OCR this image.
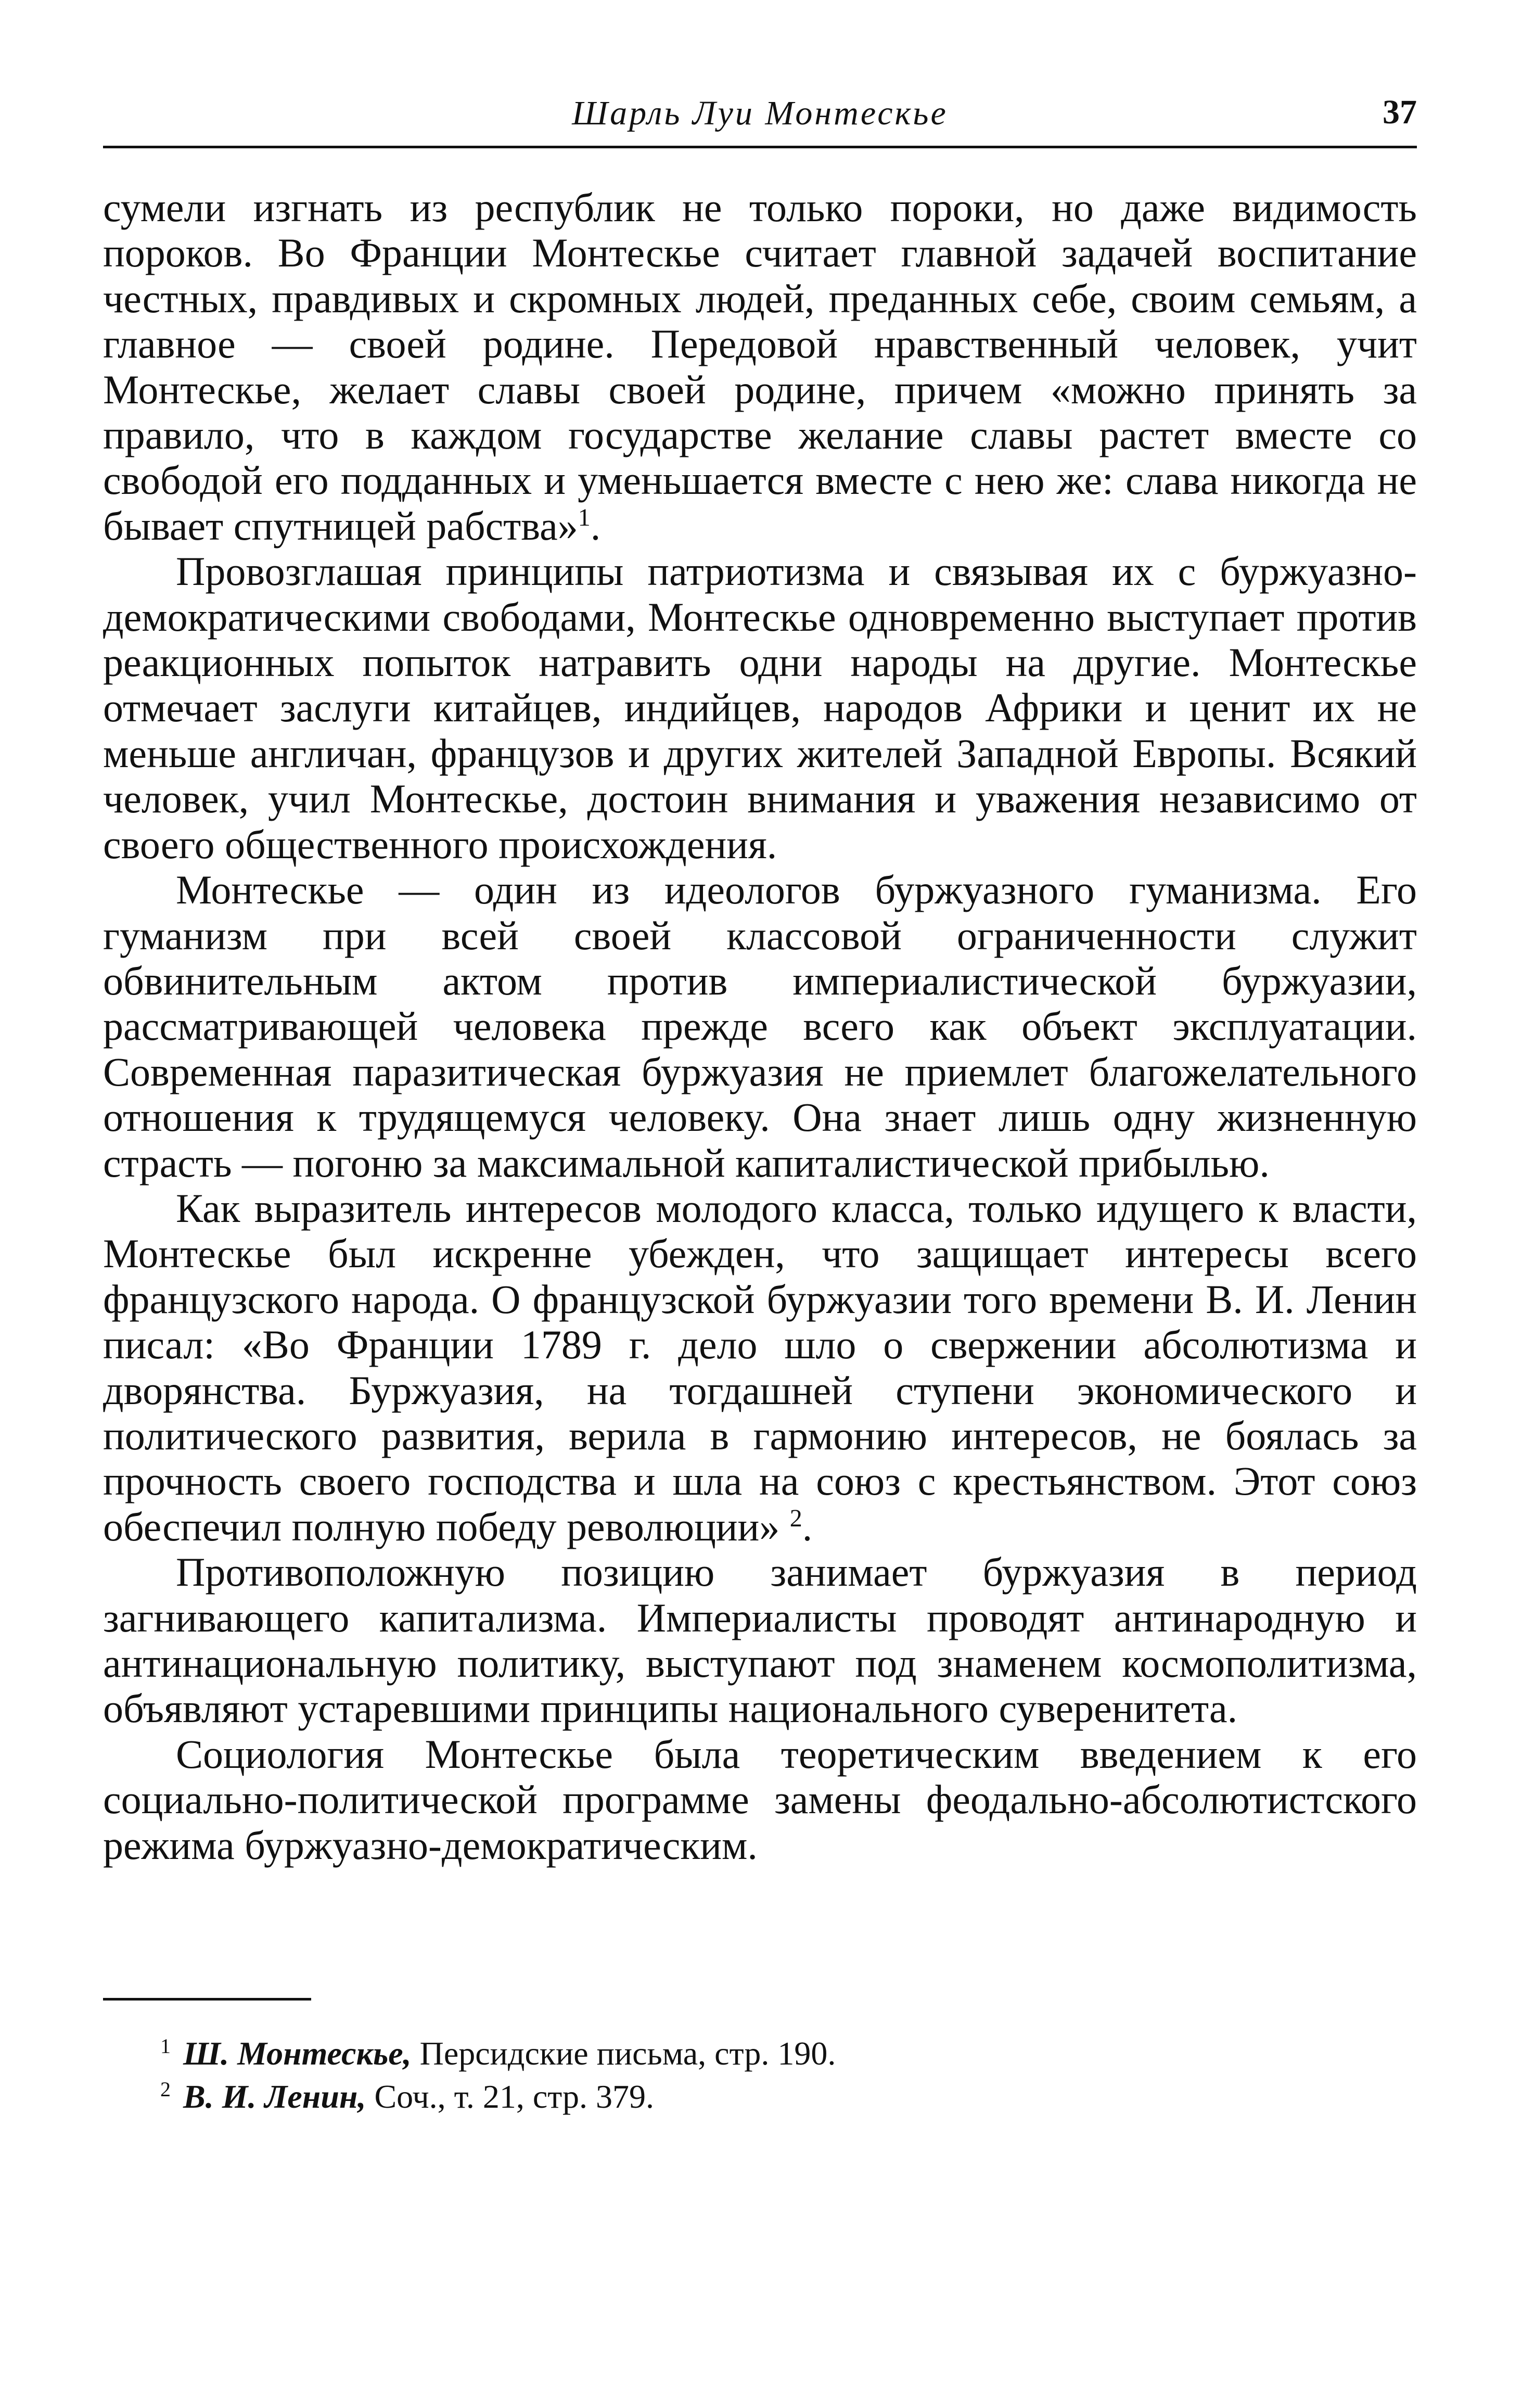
Шарль Луи Монтескье	37

сумели изгнать из республик не только пороки, но даже видимость пороков. Во Франции Монтескье считает главной задачей воспитание честных, правдивых и скромных людей, преданных себе, своим семьям, а главное — своей родине. Передовой нравственный человек, учит Монтескье, желает славы своей родине, причем «можно принять за правило, что в каждом государстве желание славы растет вместе со свободой его подданных и уменьшается вместе с нею же: слава никогда не бывает спутницей рабства»$^1$.

Провозглашая принципы патриотизма и связывая их с буржуазно-демократическими свободами, Монтескье одновременно выступает против реакционных попыток натравить одни народы на другие. Монтескье отмечает заслуги китайцев, индийцев, народов Африки и ценит их не меньше англичан, французов и других жителей Западной Европы. Всякий человек, учил Монтескье, достоин внимания и уважения независимо от своего общественного происхождения.

Монтескье — один из идеологов буржуазного гуманизма. Его гуманизм при всей своей классовой ограниченности служит обвинительным актом против империалистической буржуазии, рассматривающей человека прежде всего как объект эксплуатации. Современная паразитическая буржуазия не приемлет благожелательного отношения к трудящемуся человеку. Она знает лишь одну жизненную страсть — погоню за максимальной капиталистической прибылью.

Как выразитель интересов молодого класса, только идущего к власти, Монтескье был искренне убежден, что защищает интересы всего французского народа. О французской буржуазии того времени В. И. Ленин писал: «Во Франции 1789 г. дело шло о свержении абсолютизма и дворянства. Буржуазия, на тогдашней ступени экономического и политического развития, верила в гармонию интересов, не боялась за прочность своего господства и шла на союз с крестьянством. Этот союз обеспечил полную победу революции» $^2$.

Противоположную позицию занимает буржуазия в период загнивающего капитализма. Империалисты проводят антинародную и антинациональную политику, выступают под знаменем космополитизма, объявляют устаревшими принципы национального суверенитета.

Социология Монтескье была теоретическим введением к его социально-политической программе замены феодально-абсолютистского режима буржуазно-демократическим.

$^1$ Ш. Монтескье, Персидские письма, стр. 190.
$^2$ В. И. Ленин, Соч., т. 21, стр. 379.
